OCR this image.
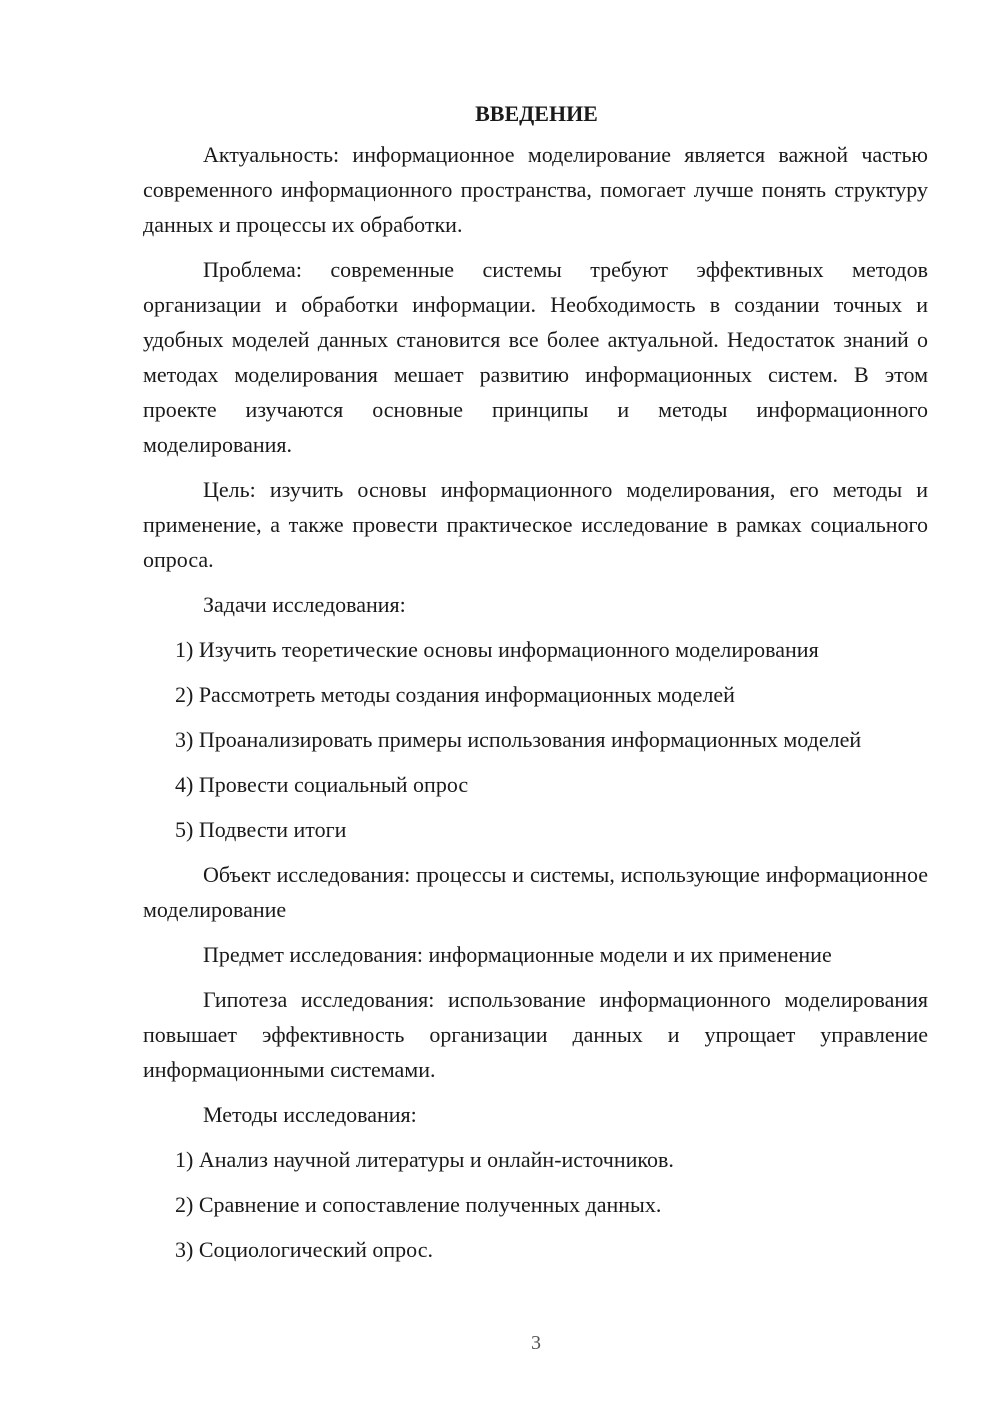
ВВЕДЕНИЕ

Актуальность: информационное моделирование является важной частью современного информационного пространства, помогает лучше понять структуру данных и процессы их обработки.

Проблема: современные системы требуют эффективных методов организации и обработки информации. Необходимость в создании точных и удобных моделей данных становится все более актуальной. Недостаток знаний о методах моделирования мешает развитию информационных систем. В этом проекте изучаются основные принципы и методы информационного моделирования.

Цель: изучить основы информационного моделирования, его методы и применение, а также провести практическое исследование в рамках социального опроса.

Задачи исследования:

1) Изучить теоретические основы информационного моделирования

2) Рассмотреть методы создания информационных моделей

3) Проанализировать примеры использования информационных моделей

4) Провести социальный опрос

5) Подвести итоги

Объект исследования: процессы и системы, использующие информационное моделирование

Предмет исследования: информационные модели и их применение

Гипотеза исследования: использование информационного моделирования повышает эффективность организации данных и упрощает управление информационными системами.

Методы исследования:

1) Анализ научной литературы и онлайн-источников.

2) Сравнение и сопоставление полученных данных.

3) Социологический опрос.

3
